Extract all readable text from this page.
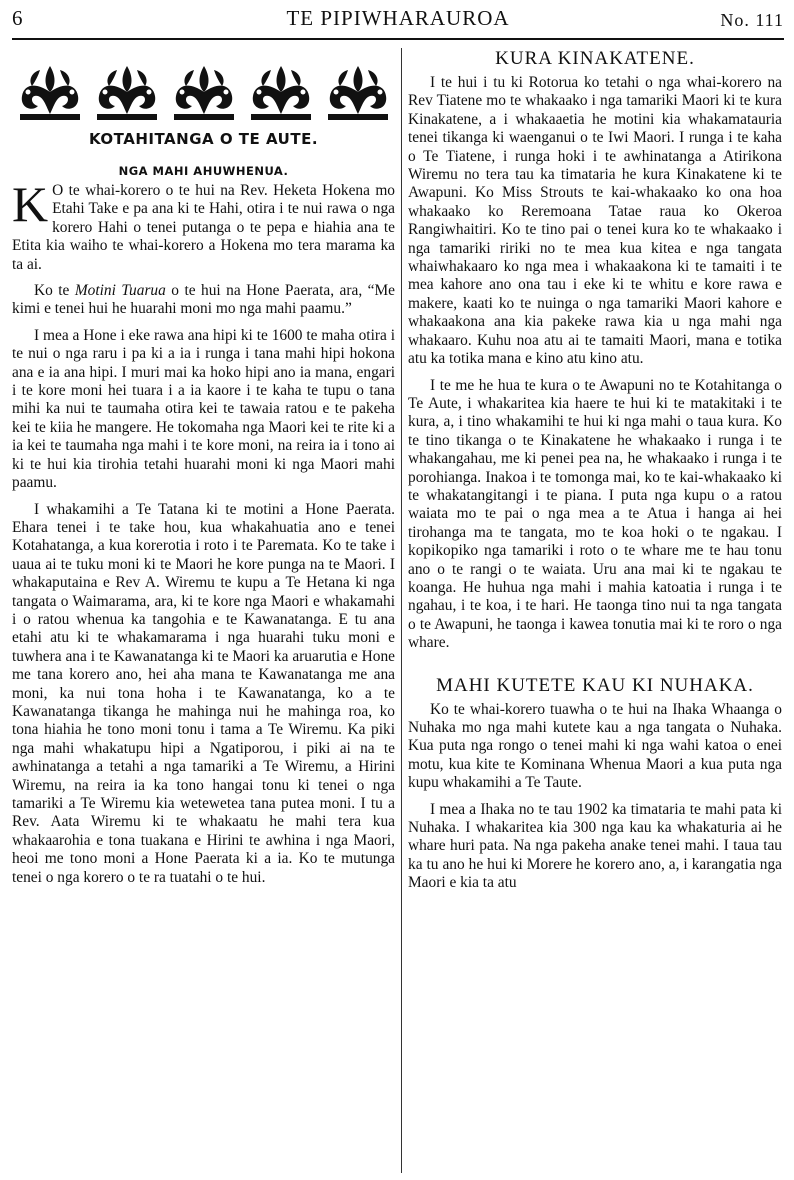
6	TE PIPIWHARAUROA	No. 111
KOTAHITANGA O TE AUTE.
NGA MAHI AHUWHENUA.

K O te whai-korero o te hui na Rev. Heketa Hokena mo Etahi Take e pa ana ki te Hahi, otira i te nui rawa o nga korero Hahi o tenei putanga o te pepa e hiahia ana te Etita kia waiho te whai-korero a Hokena mo tera marama ka ta ai.

Ko te Motini Tuarua o te hui na Hone Paerata, ara, “Me kimi e tenei hui he huarahi moni mo nga mahi paamu.”

I mea a Hone i eke rawa ana hipi ki te 1600 te maha otira i te nui o nga raru i pa ki a ia i runga i tana mahi hipi hokona ana e ia ana hipi. I muri mai ka hoko hipi ano ia mana, engari i te kore moni hei tuara i a ia kaore i te kaha te tupu o tana mihi ka nui te taumaha otira kei te tawaia ratou e te pakeha kei te kiia he mangere. He tokomaha nga Maori kei te rite ki a ia kei te taumaha nga mahi i te kore moni, na reira ia i tono ai ki te hui kia tirohia tetahi huarahi moni ki nga Maori mahi paamu.

I whakamihi a Te Tatana ki te motini a Hone Paerata. Ehara tenei i te take hou, kua whakahuatia ano e tenei Kotahatanga, a kua korerotia i roto i te Paremata. Ko te take i uaua ai te tuku moni ki te Maori he kore punga na te Maori. I whakaputaina e Rev A. Wiremu te kupu a Te Hetana ki nga tangata o Waimarama, ara, ki te kore nga Maori e whakamahi i o ratou whenua ka tangohia e te Kawanatanga. E tu ana etahi atu ki te whakamarama i nga huarahi tuku moni e tuwhera ana i te Kawanatanga ki te Maori ka aruarutia e Hone me tana korero ano, hei aha mana te Kawanatanga me ana moni, ka nui tona hoha i te Kawanatanga, ko a te Kawanatanga tikanga he mahinga nui he mahinga roa, ko tona hiahia he tono moni tonu i tama a Te Wiremu. Ka piki nga mahi whakatupu hipi a Ngatiporou, i piki ai na te awhinatanga a tetahi a nga tamariki a Te Wiremu, a Hirini Wiremu, na reira ia ka tono hangai tonu ki tenei o nga tamariki a Te Wiremu kia wetewetea tana putea moni. I tu a Rev. Aata Wiremu ki te whakaatu he mahi tera kua whakaarohia e tona tuakana e Hirini te awhina i nga Maori, heoi me tono moni a Hone Paerata ki a ia. Ko te mutunga tenei o nga korero o te ra tuatahi o te hui.

KURA KINAKATENE.

I te hui i tu ki Rotorua ko tetahi o nga whai-korero na Rev Tiatene mo te whakaako i nga tamariki Maori ki te kura Kinakatene, a i whakaaetia he motini kia whakamatauria tenei tikanga ki waenganui o te Iwi Maori. I runga i te kaha o Te Tiatene, i runga hoki i te awhinatanga a Atirikona Wiremu no tera tau ka timataria he kura Kinakatene ki te Awapuni. Ko Miss Strouts te kai-whakaako ko ona hoa whakaako ko Reremoana Tatae raua ko Okeroa Rangiwhaitiri. Ko te tino pai o tenei kura ko te whakaako i nga tamariki ririki no te mea kua kitea e nga tangata whaiwhakaaro ko nga mea i whakaakona ki te tamaiti i te mea kahore ano ona tau i eke ki te whitu e kore rawa e makere, kaati ko te nuinga o nga tamariki Maori kahore e whakaakona ana kia pakeke rawa kia u nga mahi nga whakaaro. Kuhu noa atu ai te tamaiti Maori, mana e totika atu ka totika mana e kino atu kino atu.

I te me he hua te kura o te Awapuni no te Kotahitanga o Te Aute, i whakaritea kia haere te hui ki te matakitaki i te kura, a, i tino whakamihi te hui ki nga mahi o taua kura. Ko te tino tikanga o te Kinakatene he whakaako i runga i te whakangahau, me ki penei pea na, he whakaako i runga i te porohianga. Inakoa i te tomonga mai, ko te kai-whakaako ki te whakatangitangi i te piana. I puta nga kupu o a ratou waiata mo te pai o nga mea a te Atua i hanga ai hei tirohanga ma te tangata, mo te koa hoki o te ngakau. I kopikopiko nga tamariki i roto o te whare me te hau tonu ano o te rangi o te waiata. Uru ana mai ki te ngakau te koanga. He huhua nga mahi i mahia katoatia i runga i te ngahau, i te koa, i te hari. He taonga tino nui ta nga tangata o te Awapuni, he taonga i kawea tonutia mai ki te roro o nga whare.

MAHI KUTETE KAU KI NUHAKA.

Ko te whai-korero tuawha o te hui na Ihaka Whaanga o Nuhaka mo nga mahi kutete kau a nga tangata o Nuhaka. Kua puta nga rongo o tenei mahi ki nga wahi katoa o enei motu, kua kite te Kominana Whenua Maori a kua puta nga kupu whakamihi a Te Taute.

I mea a Ihaka no te tau 1902 ka timataria te mahi pata ki Nuhaka. I whakaritea kia 300 nga kau ka whakaturia ai he whare huri pata. Na nga pakeha anake tenei mahi. I taua tau ka tu ano he hui ki Morere he korero ano, a, i karangatia nga Maori e kia ta atu
